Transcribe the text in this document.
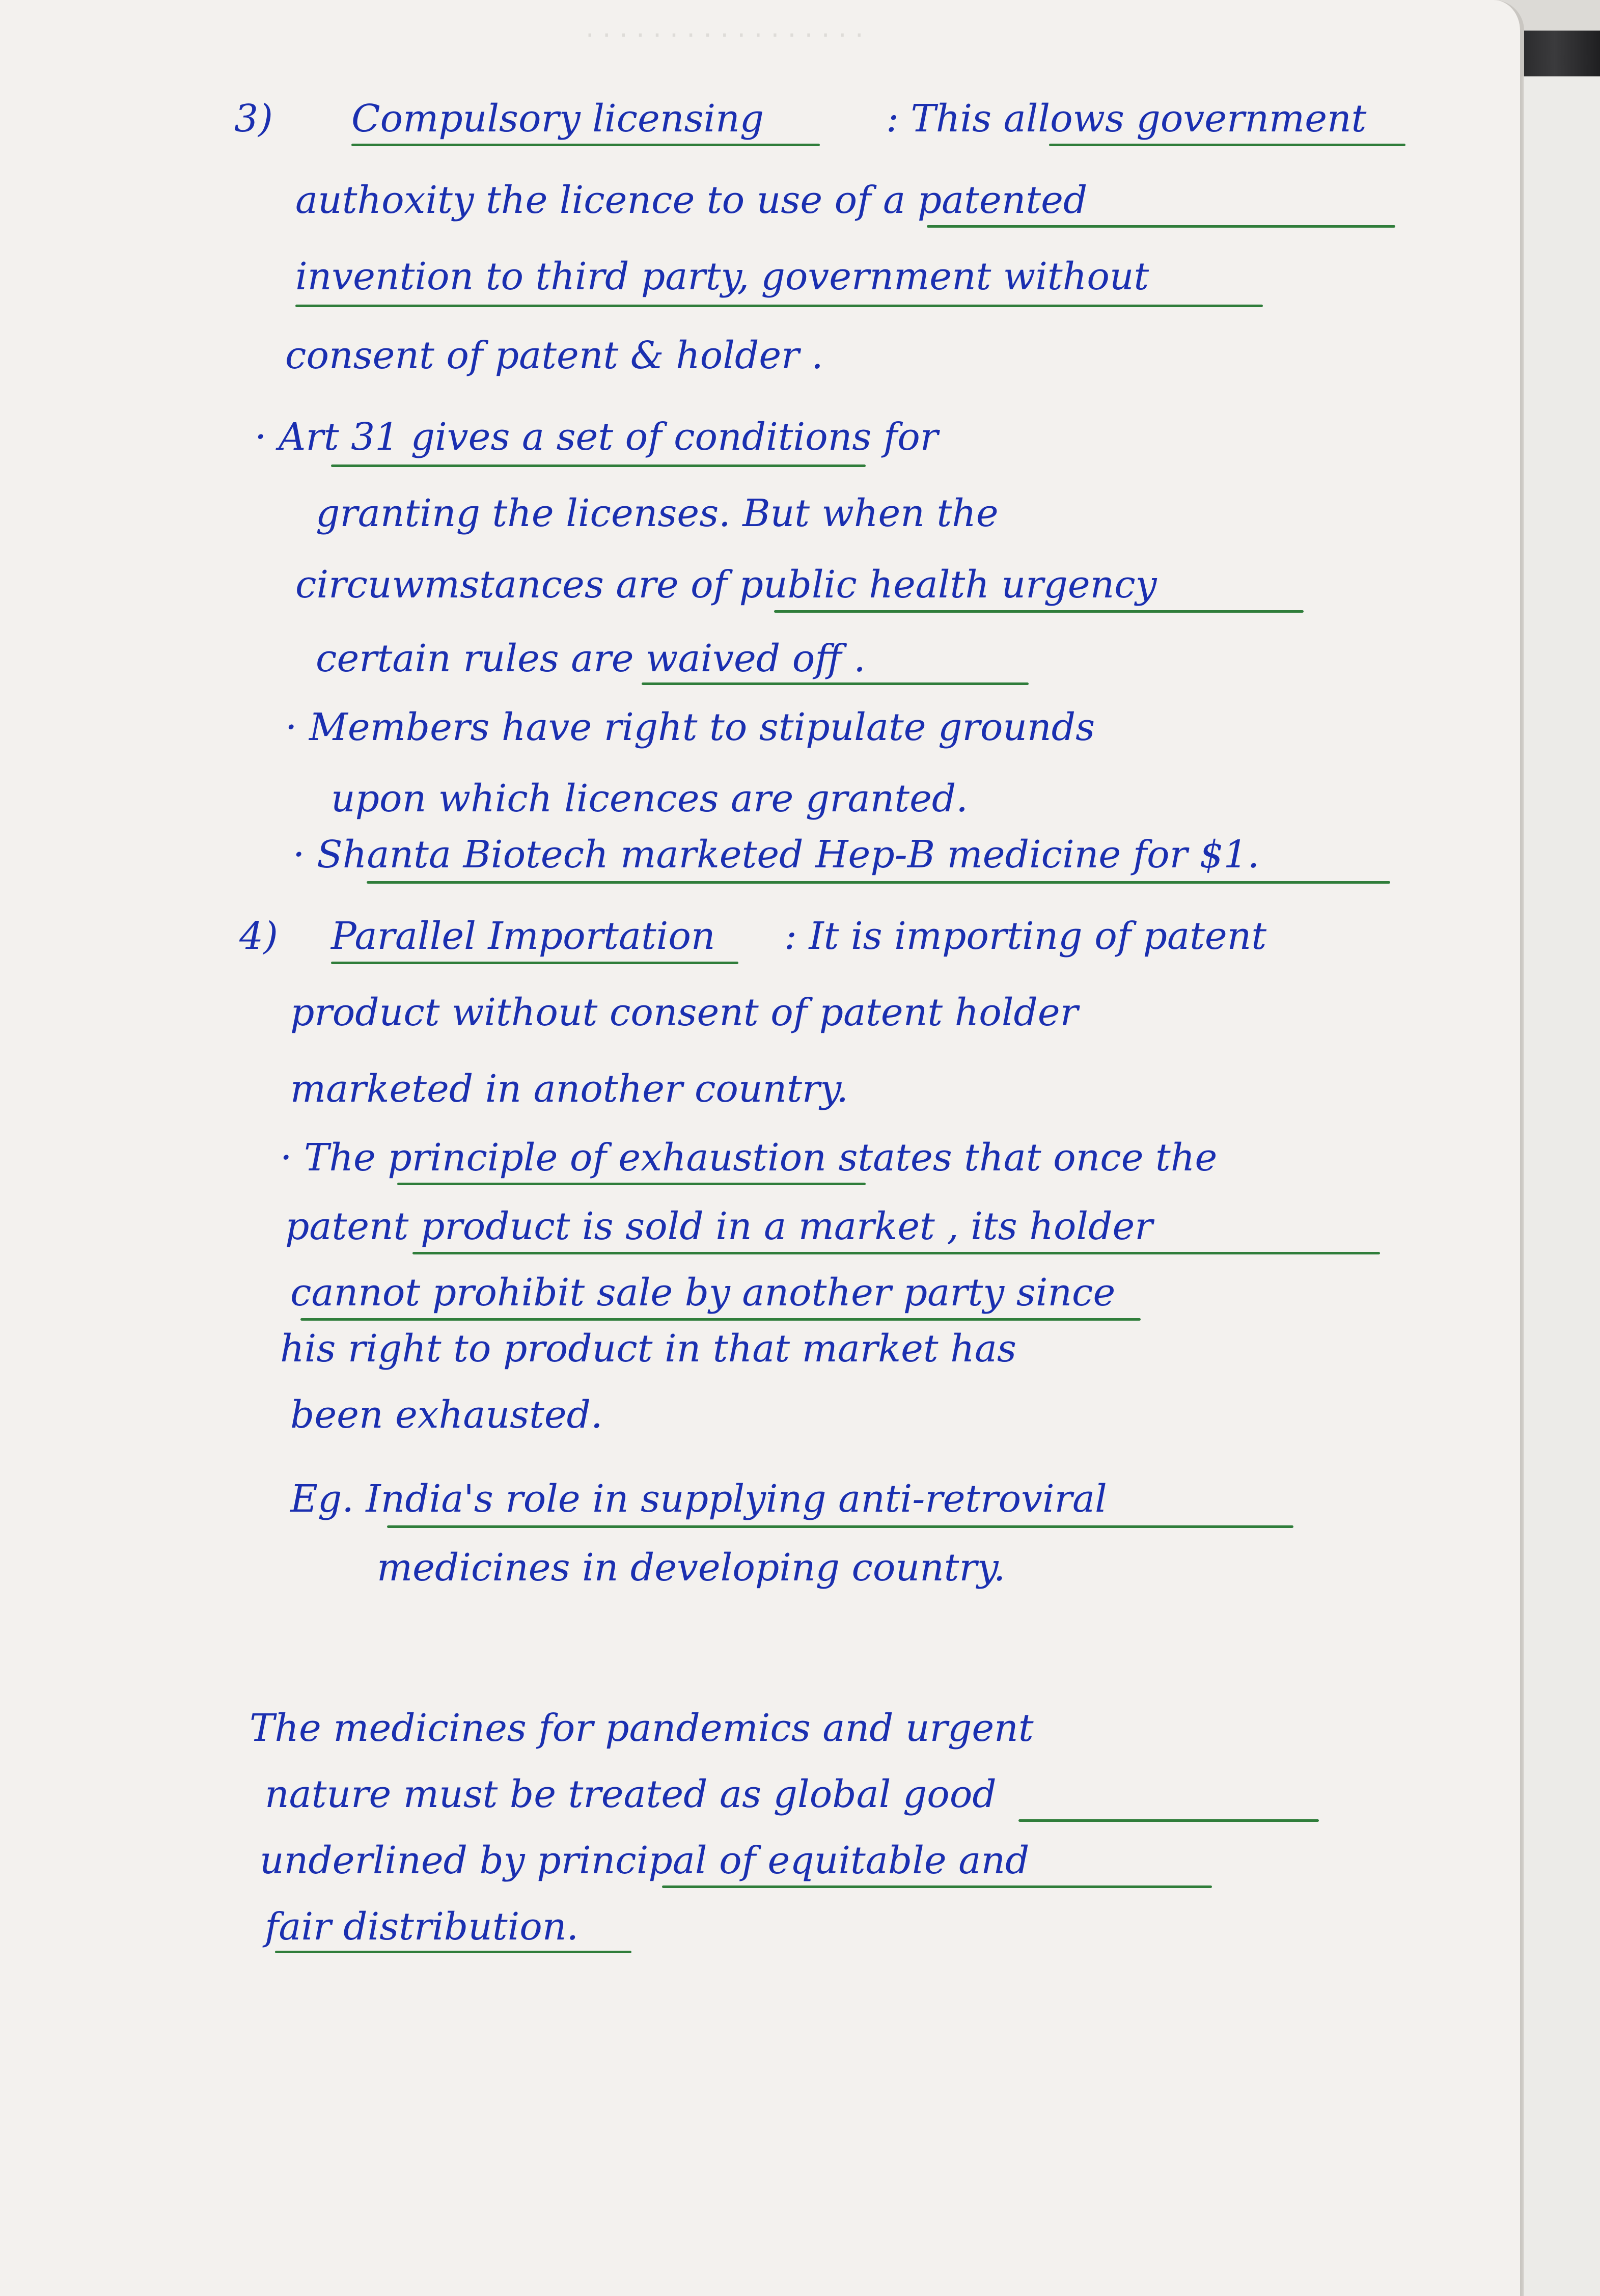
· · · · · · · · · · · · · · · · ·
3) Compulsory licensing	: This allows government
authoxity the licence to use of a patented
invention to third party, government without
consent of patent & holder .
· Art 31 gives a set of conditions for
granting the licenses. But when the
circuwmstances are of public health urgency
certain rules are waived off .
· Members have right to stipulate grounds
upon which licences are granted.
· Shanta Biotech marketed Hep-B medicine for $1.
4) Parallel Importation : It is importing of patent
product without consent of patent holder
marketed in another country.
· The principle of exhaustion states that once the
patent product is sold in a market , its holder
cannot prohibit sale by another party since
his right to product in that market has
been exhausted.
Eg. India's role in supplying anti-retroviral
medicines in developing country.
The medicines for pandemics and urgent
nature must be treated as global good
underlined by principal of equitable and
fair distribution.
